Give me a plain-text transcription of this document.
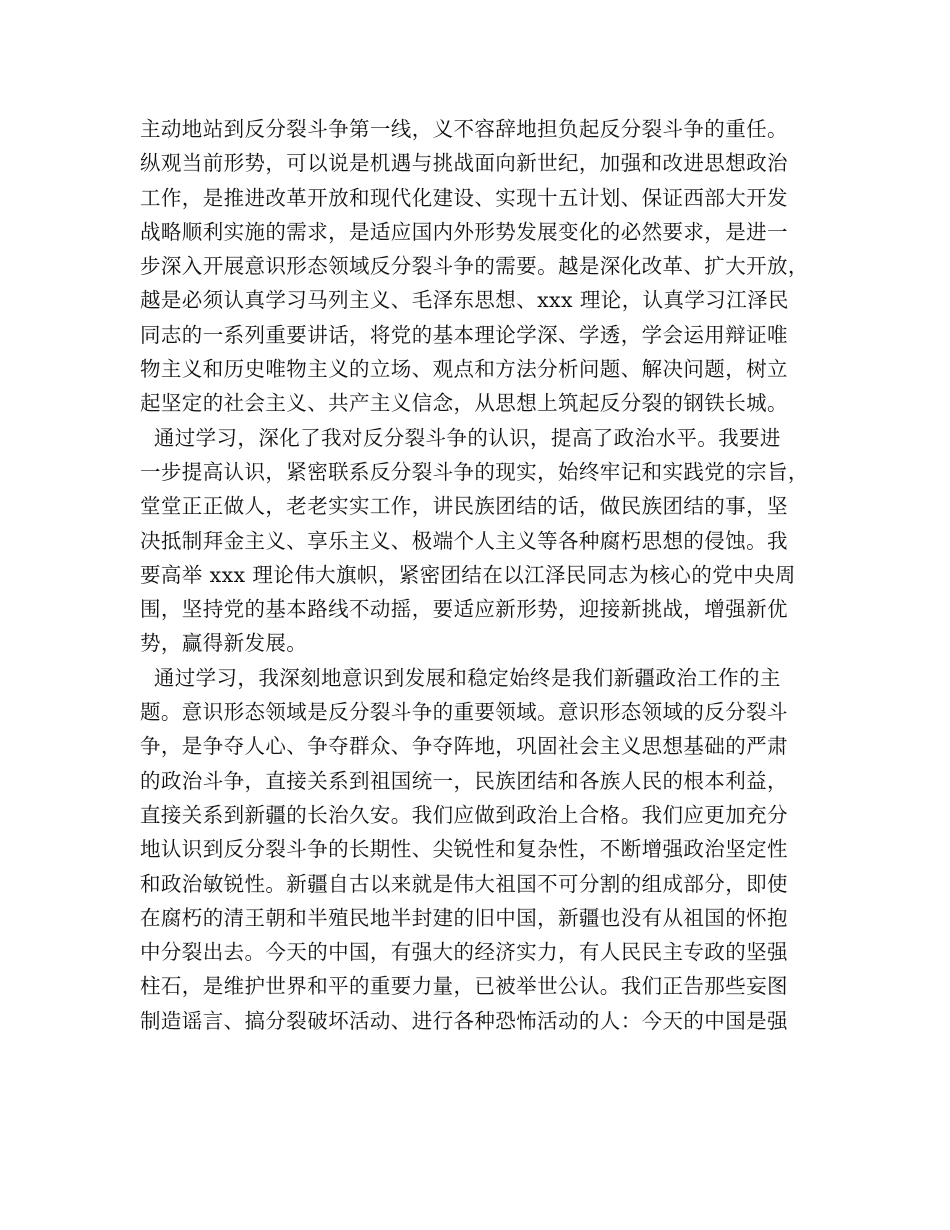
主动地站到反分裂斗争第一线，义不容辞地担负起反分裂斗争的重任。
纵观当前形势，可以说是机遇与挑战面向新世纪，加强和改进思想政治
工作，是推进改革开放和现代化建设、实现十五计划、保证西部大开发
战略顺利实施的需求，是适应国内外形势发展变化的必然要求，是进一
步深入开展意识形态领域反分裂斗争的需要。越是深化改革、扩大开放，
越是必须认真学习马列主义、毛泽东思想、xxx 理论，认真学习江泽民
同志的一系列重要讲话，将党的基本理论学深、学透，学会运用辩证唯
物主义和历史唯物主义的立场、观点和方法分析问题、解决问题，树立
起坚定的社会主义、共产主义信念，从思想上筑起反分裂的钢铁长城。
通过学习，深化了我对反分裂斗争的认识，提高了政治水平。我要进
一步提高认识，紧密联系反分裂斗争的现实，始终牢记和实践党的宗旨，
堂堂正正做人，老老实实工作，讲民族团结的话，做民族团结的事，坚
决抵制拜金主义、享乐主义、极端个人主义等各种腐朽思想的侵蚀。我
要高举 xxx 理论伟大旗帜，紧密团结在以江泽民同志为核心的党中央周
围，坚持党的基本路线不动摇，要适应新形势，迎接新挑战，增强新优
势，赢得新发展。
通过学习，我深刻地意识到发展和稳定始终是我们新疆政治工作的主
题。意识形态领域是反分裂斗争的重要领域。意识形态领域的反分裂斗
争，是争夺人心、争夺群众、争夺阵地，巩固社会主义思想基础的严肃
的政治斗争，直接关系到祖国统一，民族团结和各族人民的根本利益，
直接关系到新疆的长治久安。我们应做到政治上合格。我们应更加充分
地认识到反分裂斗争的长期性、尖锐性和复杂性，不断增强政治坚定性
和政治敏锐性。新疆自古以来就是伟大祖国不可分割的组成部分，即使
在腐朽的清王朝和半殖民地半封建的旧中国，新疆也没有从祖国的怀抱
中分裂出去。今天的中国，有强大的经济实力，有人民民主专政的坚强
柱石，是维护世界和平的重要力量，已被举世公认。我们正告那些妄图
制造谣言、搞分裂破坏活动、进行各种恐怖活动的人：今天的中国是强
